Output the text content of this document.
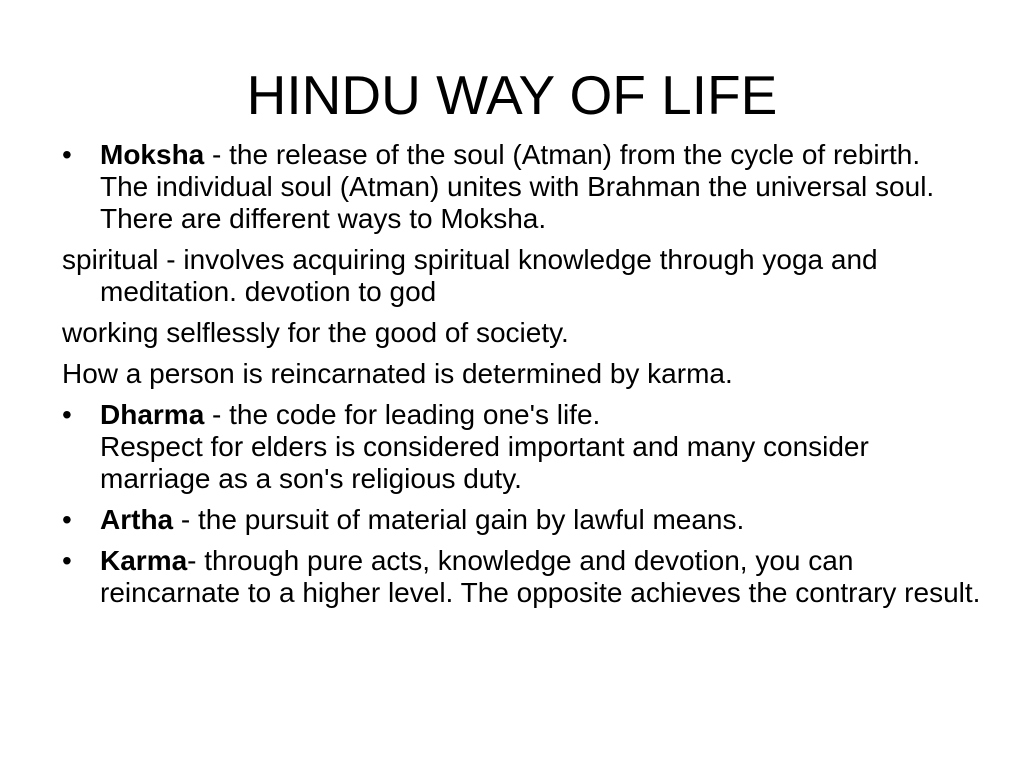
HINDU WAY OF LIFE

•	Moksha - the release of the soul (Atman) from the cycle of rebirth.
The individual soul (Atman) unites with Brahman the universal soul. There are different ways to Moksha.

spiritual - involves acquiring spiritual knowledge through yoga and meditation. devotion to god

working selflessly for the good of society.

How a person is reincarnated is determined by karma.

•	Dharma - the code for leading one's life.
Respect for elders is considered important and many consider marriage as a son's religious duty.

•	Artha - the pursuit of material gain by lawful means.

•	Karma- through pure acts, knowledge and devotion, you can reincarnate to a higher level. The opposite achieves the contrary result.
